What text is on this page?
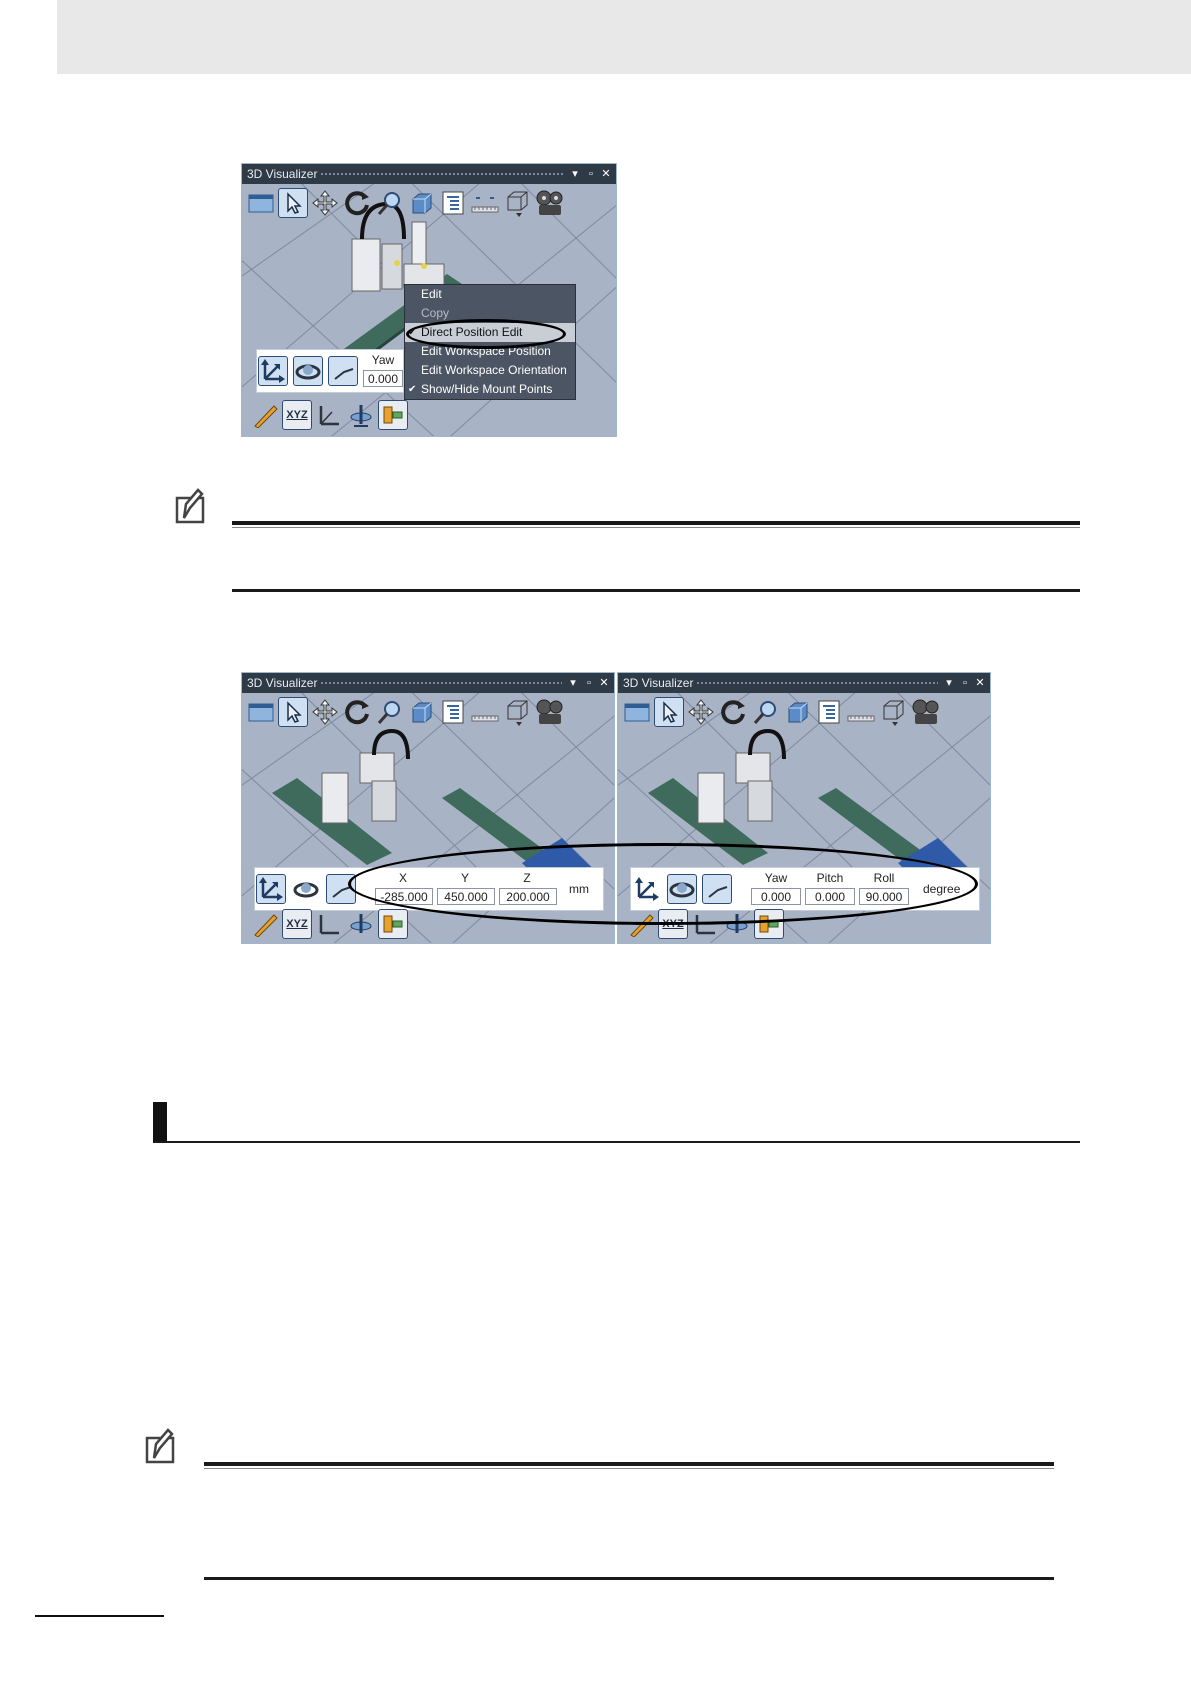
3D Visualizer	▾	▫ ✕
Yaw
0.000
XYZ
Edit
Copy
✔ Direct Position Edit
Edit Workspace Position
Edit Workspace Orientation
✔ Show/Hide Mount Points
3D Visualizer	▾	▫ ✕
X	Y	Z
-285.000	450.000	200.000
mm
XYZ
3D Visualizer	▾	▫ ✕
Yaw	Pitch	Roll
0.000	0.000	90.000
degree
XYZ
